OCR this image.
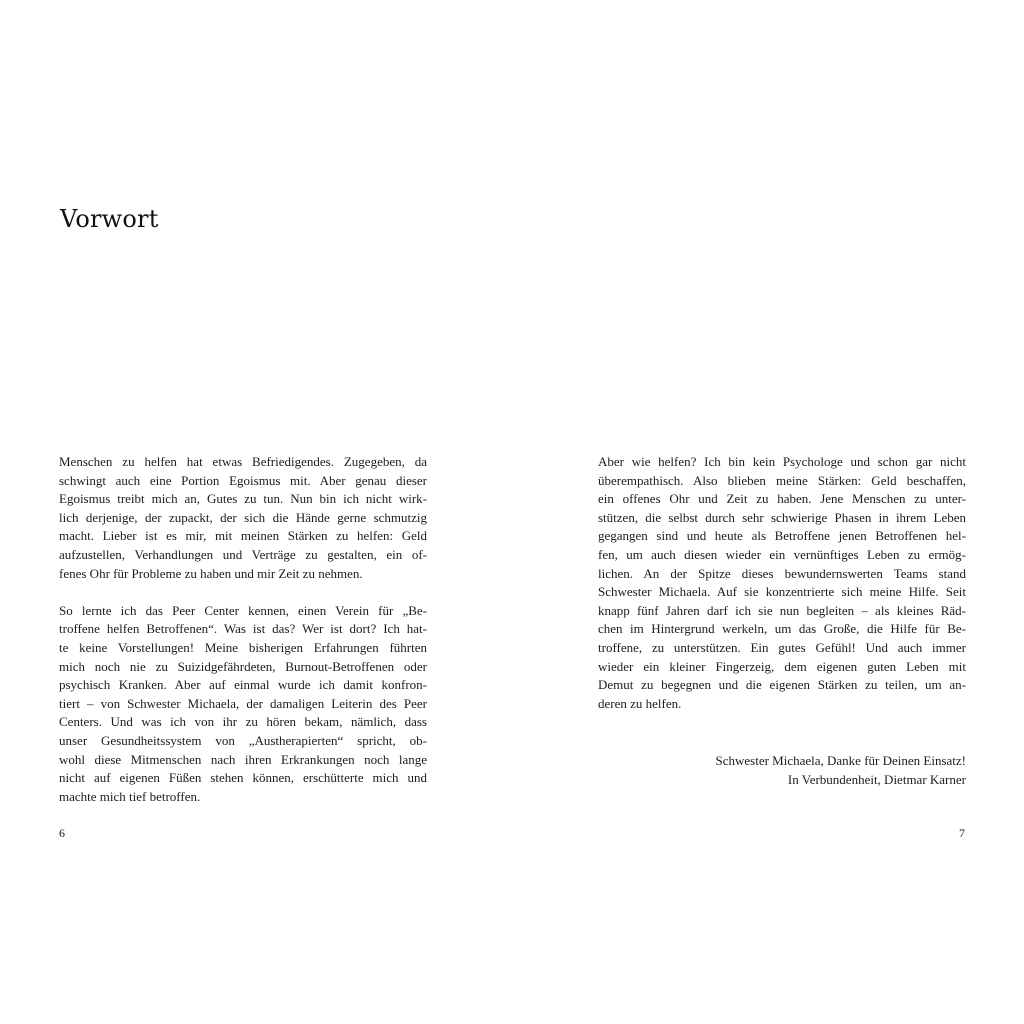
Vorwort
Menschen zu helfen hat etwas Befriedigendes. Zugegeben, da
schwingt auch eine Portion Egoismus mit. Aber genau dieser
Egoismus treibt mich an, Gutes zu tun. Nun bin ich nicht wirk-
lich derjenige, der zupackt, der sich die Hände gerne schmutzig
macht. Lieber ist es mir, mit meinen Stärken zu helfen: Geld
aufzustellen, Verhandlungen und Verträge zu gestalten, ein of-
fenes Ohr für Probleme zu haben und mir Zeit zu nehmen.
So lernte ich das Peer Center kennen, einen Verein für „Be-
troffene helfen Betroffenen“. Was ist das? Wer ist dort? Ich hat-
te keine Vorstellungen! Meine bisherigen Erfahrungen führten
mich noch nie zu Suizidgefährdeten, Burnout-Betroffenen oder
psychisch Kranken. Aber auf einmal wurde ich damit konfron-
tiert – von Schwester Michaela, der damaligen Leiterin des Peer
Centers. Und was ich von ihr zu hören bekam, nämlich, dass
unser Gesundheitssystem von „Austherapierten“ spricht, ob-
wohl diese Mitmenschen nach ihren Erkrankungen noch lange
nicht auf eigenen Füßen stehen können, erschütterte mich und
machte mich tief betroffen.
Aber wie helfen? Ich bin kein Psychologe und schon gar nicht
überempathisch. Also blieben meine Stärken: Geld beschaffen,
ein offenes Ohr und Zeit zu haben. Jene Menschen zu unter-
stützen, die selbst durch sehr schwierige Phasen in ihrem Leben
gegangen sind und heute als Betroffene jenen Betroffenen hel-
fen, um auch diesen wieder ein vernünftiges Leben zu ermög-
lichen. An der Spitze dieses bewundernswerten Teams stand
Schwester Michaela. Auf sie konzentrierte sich meine Hilfe. Seit
knapp fünf Jahren darf ich sie nun begleiten – als kleines Räd-
chen im Hintergrund werkeln, um das Große, die Hilfe für Be-
troffene, zu unterstützen. Ein gutes Gefühl! Und auch immer
wieder ein kleiner Fingerzeig, dem eigenen guten Leben mit
Demut zu begegnen und die eigenen Stärken zu teilen, um an-
deren zu helfen.
Schwester Michaela, Danke für Deinen Einsatz!
In Verbundenheit, Dietmar Karner
6	7
